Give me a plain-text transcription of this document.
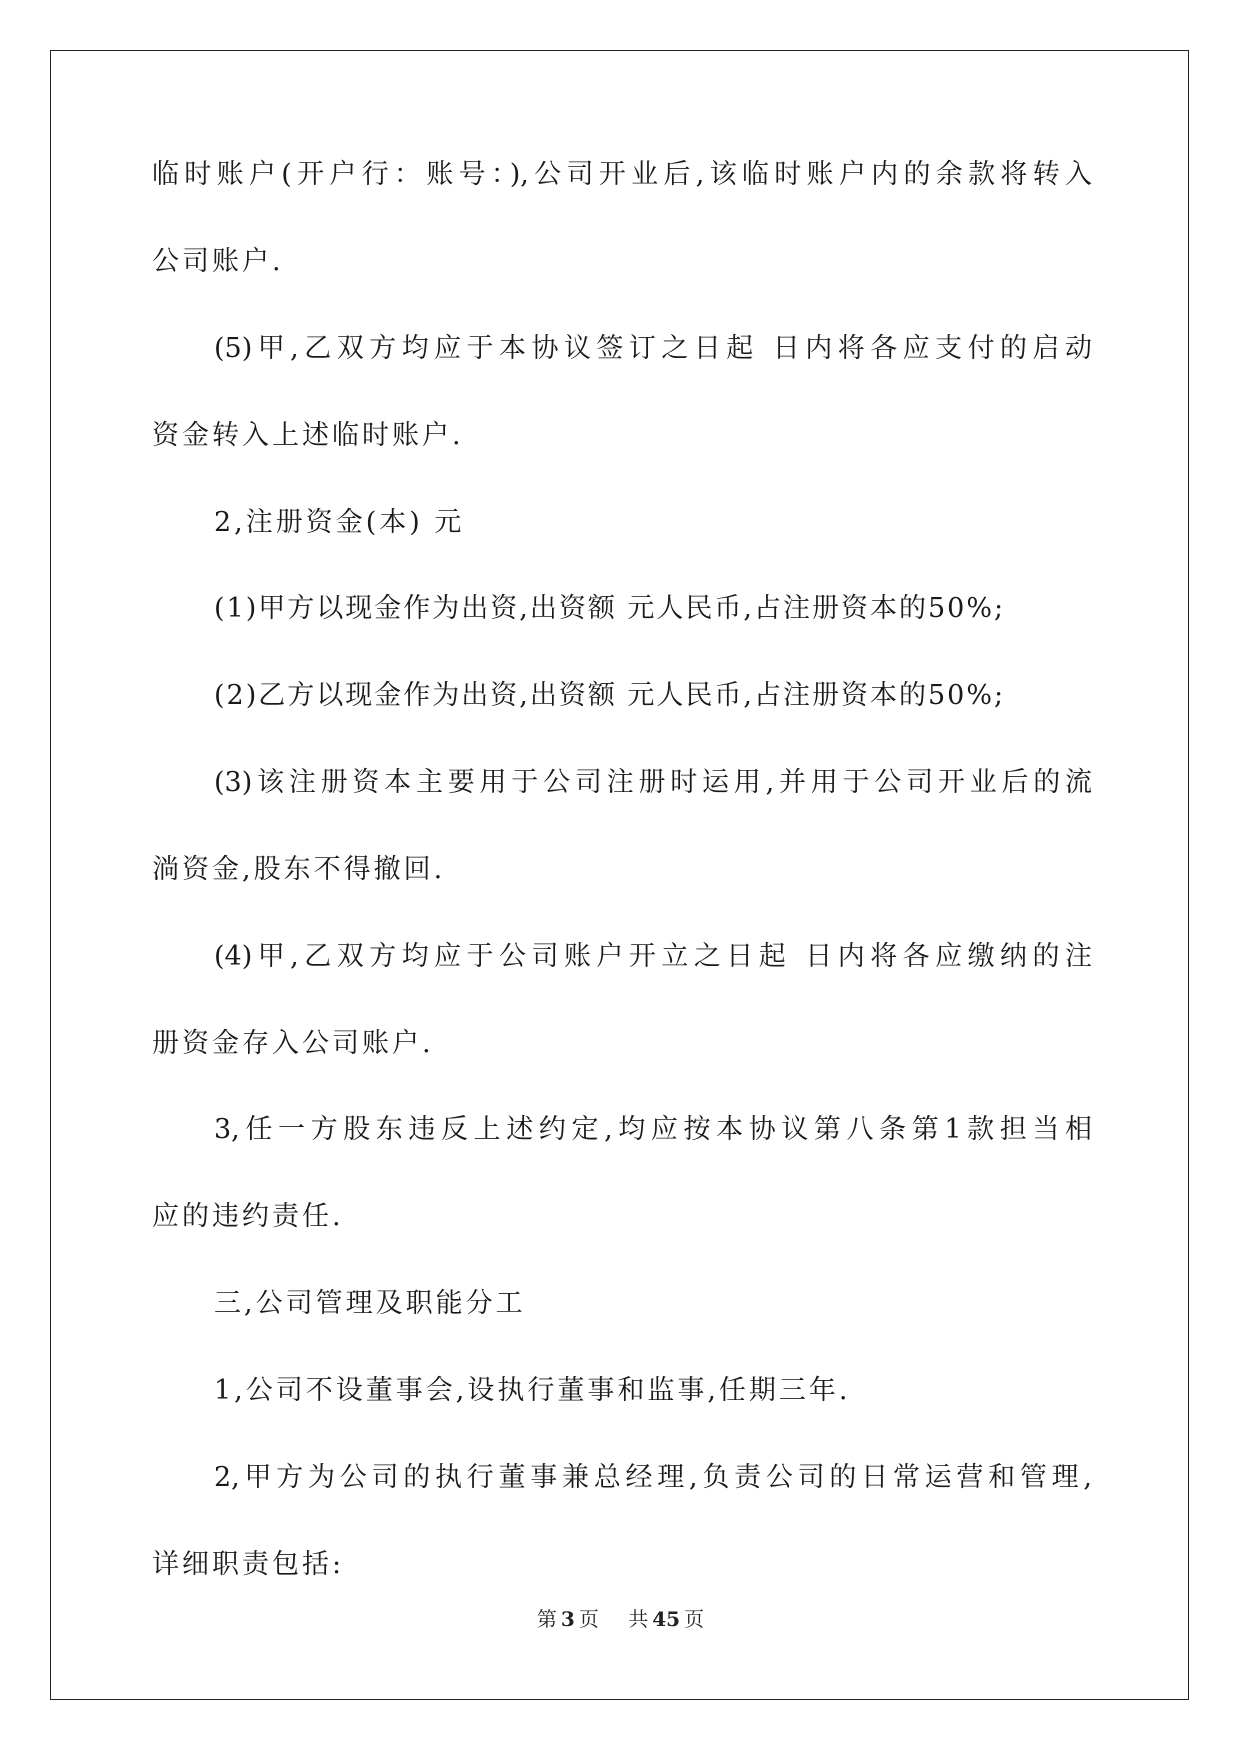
临时账户(开户行：账号：),公司开业后,该临时账户内的余款将转入
公司账户.
(5)甲,乙双方均应于本协议签订之日起 日内将各应支付的启动
资金转入上述临时账户.
2,注册资金(本) 元
(1)甲方以现金作为出资,出资额 元人民币,占注册资本的50%;
(2)乙方以现金作为出资,出资额 元人民币,占注册资本的50%;
(3)该注册资本主要用于公司注册时运用,并用于公司开业后的流
淌资金,股东不得撤回.
(4)甲,乙双方均应于公司账户开立之日起 日内将各应缴纳的注
册资金存入公司账户.
3,任一方股东违反上述约定,均应按本协议第八条第1款担当相
应的违约责任.
三,公司管理及职能分工
1,公司不设董事会,设执行董事和监事,任期三年.
2,甲方为公司的执行董事兼总经理,负责公司的日常运营和管理,
详细职责包括:
第 3 页 共 45 页
